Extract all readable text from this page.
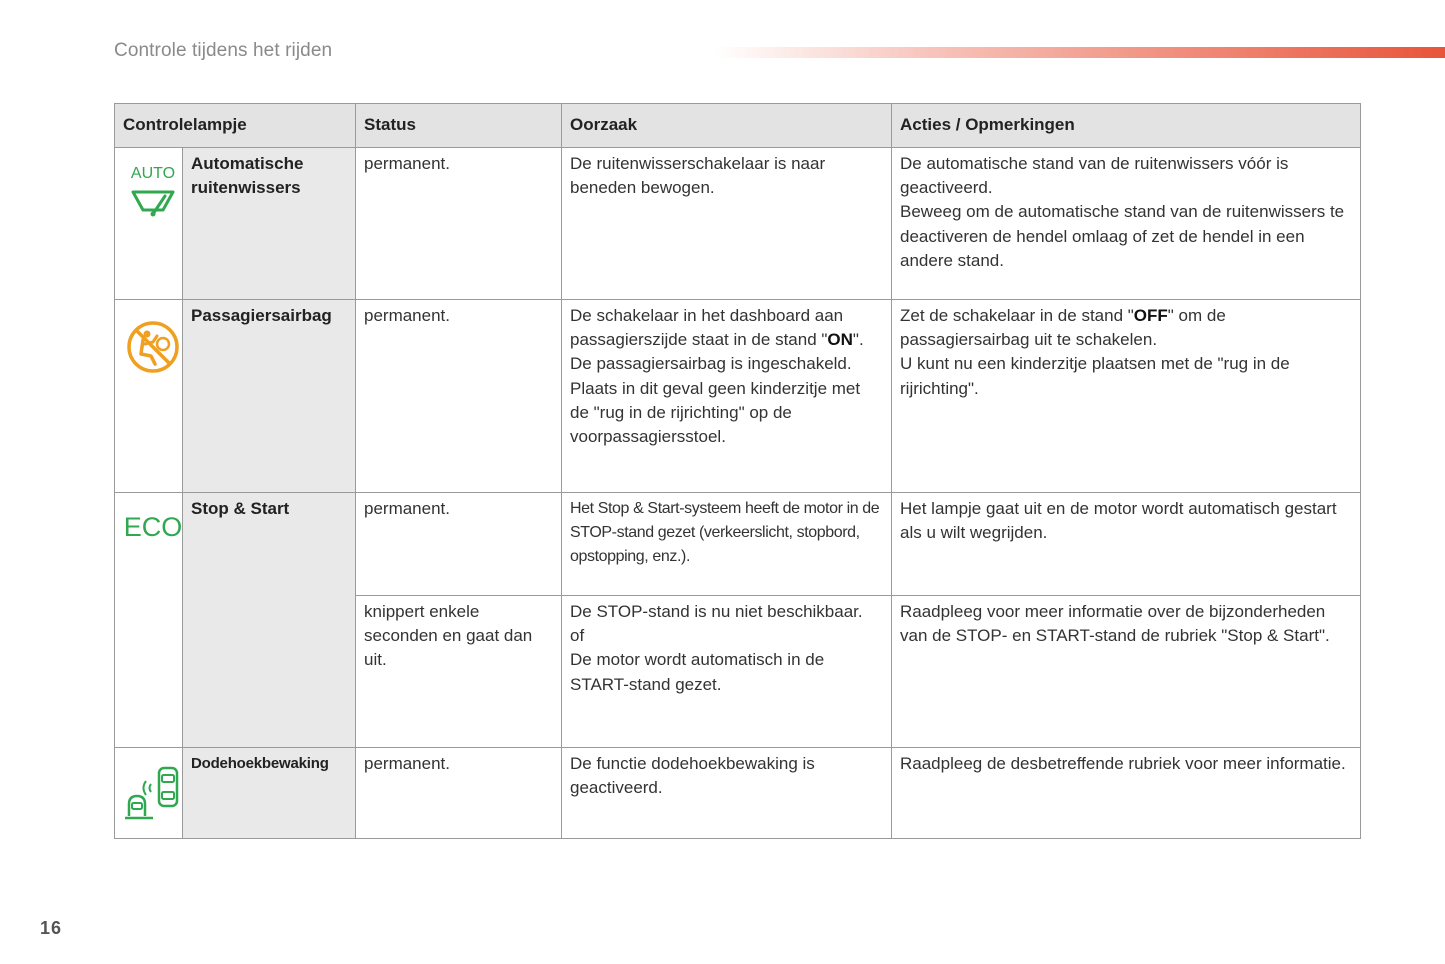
Controle tijdens het rijden
Controlelampje		Status	Oorzaak	Acties / Opmerkingen

AUTO	Automatische ruitenwissers	permanent.	De ruitenwisserschakelaar is naar beneden bewogen.	De automatische stand van de ruitenwissers vóór is geactiveerd.
Beweeg om de automatische stand van de ruitenwissers te deactiveren de hendel omlaag of zet de hendel in een andere stand.

	Passagiersairbag	permanent.	De schakelaar in het dashboard aan passagierszijde staat in de stand "ON".
De passagiersairbag is ingeschakeld.
Plaats in dit geval geen kinderzitje met de "rug in de rijrichting" op de voorpassagiersstoel.	Zet de schakelaar in de stand "OFF" om de passagiersairbag uit te schakelen.
U kunt nu een kinderzitje plaatsen met de "rug in de rijrichting".

ECO	Stop & Start	permanent.	Het Stop & Start-systeem heeft de motor in de STOP-stand gezet (verkeerslicht, stopbord, opstopping, enz.).	Het lampje gaat uit en de motor wordt automatisch gestart als u wilt wegrijden.

		knippert enkele seconden en gaat dan uit.	De STOP-stand is nu niet beschikbaar.
of
De motor wordt automatisch in de START-stand gezet.	Raadpleeg voor meer informatie over de bijzonderheden van de STOP- en START-stand de rubriek "Stop & Start".

	Dodehoekbewaking	permanent.	De functie dodehoekbewaking is geactiveerd.	Raadpleeg de desbetreffende rubriek voor meer informatie.
16
